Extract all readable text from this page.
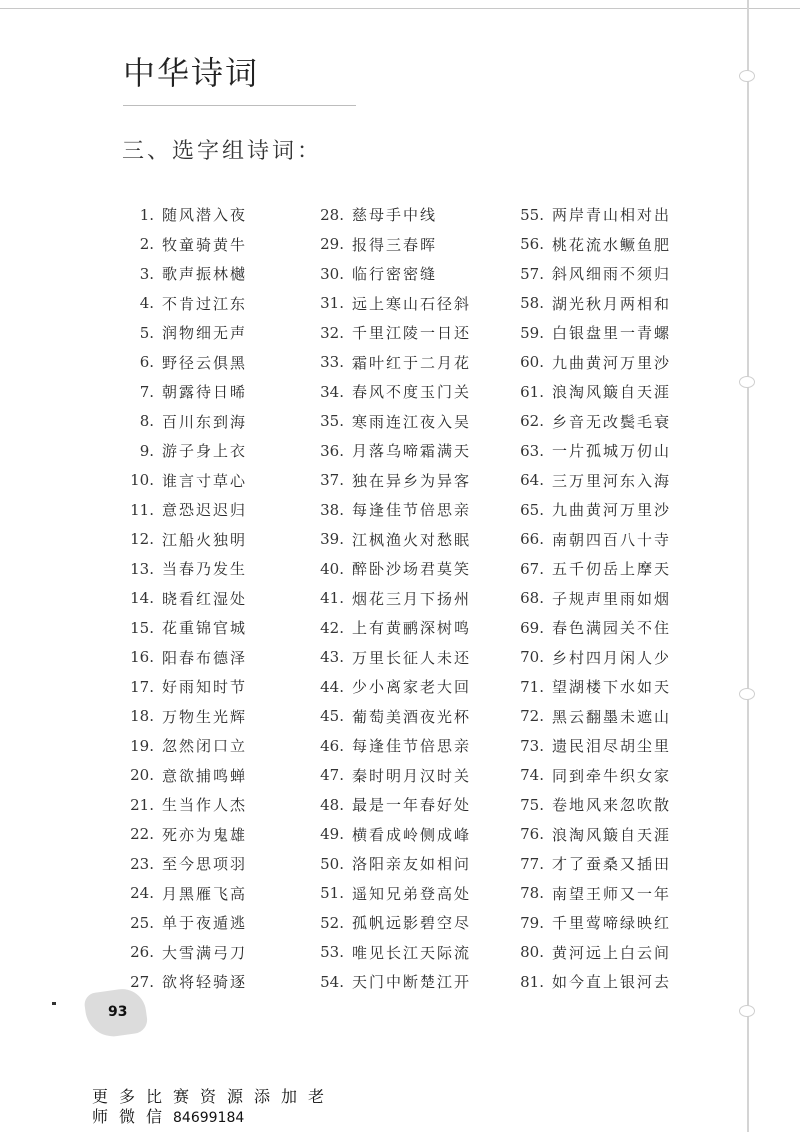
中华诗词
三、选字组诗词：
1. 随风潜入夜
2. 牧童骑黄牛
3. 歌声振林樾
4. 不肯过江东
5. 润物细无声
6. 野径云俱黑
7. 朝露待日晞
8. 百川东到海
9. 游子身上衣
10. 谁言寸草心
11. 意恐迟迟归
12. 江船火独明
13. 当春乃发生
14. 晓看红湿处
15. 花重锦官城
16. 阳春布德泽
17. 好雨知时节
18. 万物生光辉
19. 忽然闭口立
20. 意欲捕鸣蝉
21. 生当作人杰
22. 死亦为鬼雄
23. 至今思项羽
24. 月黑雁飞高
25. 单于夜遁逃
26. 大雪满弓刀
27. 欲将轻骑逐
28. 慈母手中线
29. 报得三春晖
30. 临行密密缝
31. 远上寒山石径斜
32. 千里江陵一日还
33. 霜叶红于二月花
34. 春风不度玉门关
35. 寒雨连江夜入吴
36. 月落乌啼霜满天
37. 独在异乡为异客
38. 每逢佳节倍思亲
39. 江枫渔火对愁眠
40. 醉卧沙场君莫笑
41. 烟花三月下扬州
42. 上有黄鹂深树鸣
43. 万里长征人未还
44. 少小离家老大回
45. 葡萄美酒夜光杯
46. 每逢佳节倍思亲
47. 秦时明月汉时关
48. 最是一年春好处
49. 横看成岭侧成峰
50. 洛阳亲友如相问
51. 遥知兄弟登高处
52. 孤帆远影碧空尽
53. 唯见长江天际流
54. 天门中断楚江开
55. 两岸青山相对出
56. 桃花流水鳜鱼肥
57. 斜风细雨不须归
58. 湖光秋月两相和
59. 白银盘里一青螺
60. 九曲黄河万里沙
61. 浪淘风簸自天涯
62. 乡音无改鬓毛衰
63. 一片孤城万仞山
64. 三万里河东入海
65. 九曲黄河万里沙
66. 南朝四百八十寺
67. 五千仞岳上摩天
68. 子规声里雨如烟
69. 春色满园关不住
70. 乡村四月闲人少
71. 望湖楼下水如天
72. 黑云翻墨未遮山
73. 遗民泪尽胡尘里
74. 同到牵牛织女家
75. 卷地风来忽吹散
76. 浪淘风簸自天涯
77. 才了蚕桑又插田
78. 南望王师又一年
79. 千里莺啼绿映红
80. 黄河远上白云间
81. 如今直上银河去
93
更多比赛资源添加老
师微信84699184
